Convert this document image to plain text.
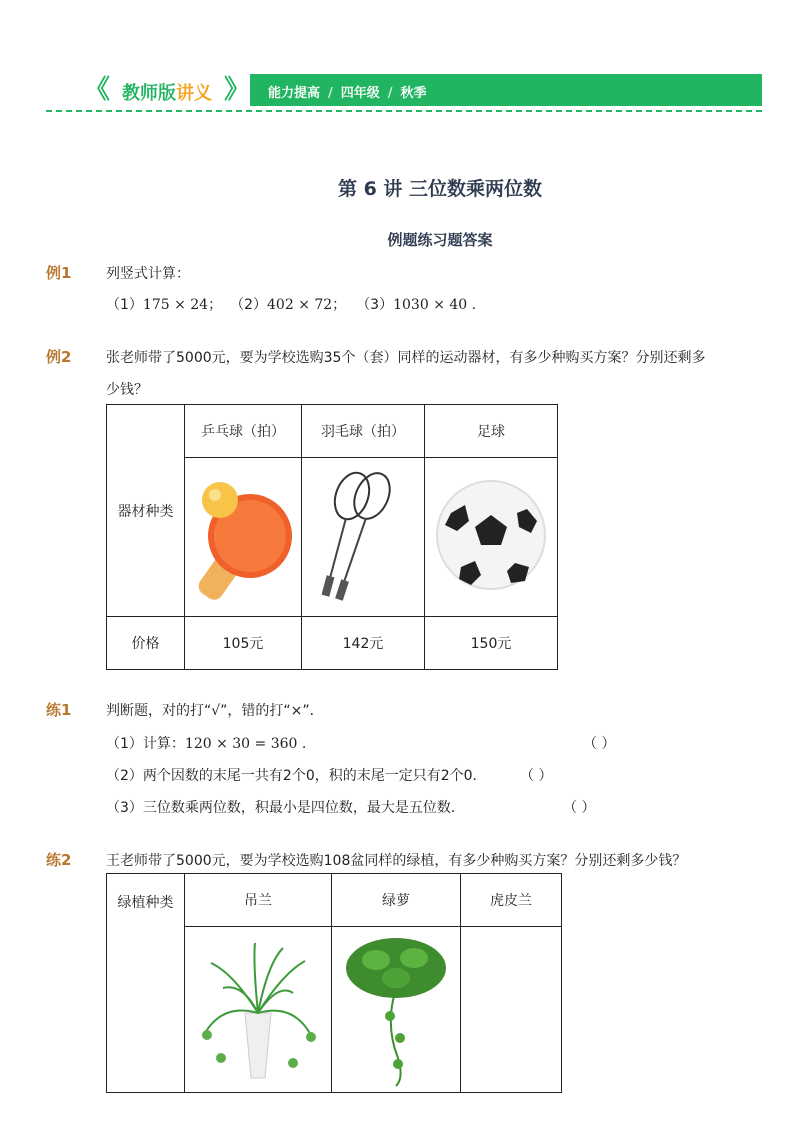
《 教师版讲义 》 能力提高 / 四年级 / 秋季
第 6 讲 三位数乘两位数
例题练习题答案
例1 列竖式计算：
（1）175 × 24； （2）402 × 72； （3）1030 × 40 .
例2 张老师带了5000元，要为学校选购35个（套）同样的运动器材，有多少种购买方案？分别还剩多
少钱？
器材种类	乒乓球（拍）	羽毛球（拍）	足球

价格	105元	142元	150元
练1 判断题，对的打“√”，错的打“×”．
（1）计算：120 × 30 = 360 .	（ ）
（2）两个因数的末尾一共有2个0，积的末尾一定只有2个0． （ ）
（3）三位数乘两位数，积最小是四位数，最大是五位数．	（ ）
练2 王老师带了5000元，要为学校选购108盆同样的绿植，有多少种购买方案？分别还剩多少钱？
绿植种类	吊兰	绿萝	虎皮兰
